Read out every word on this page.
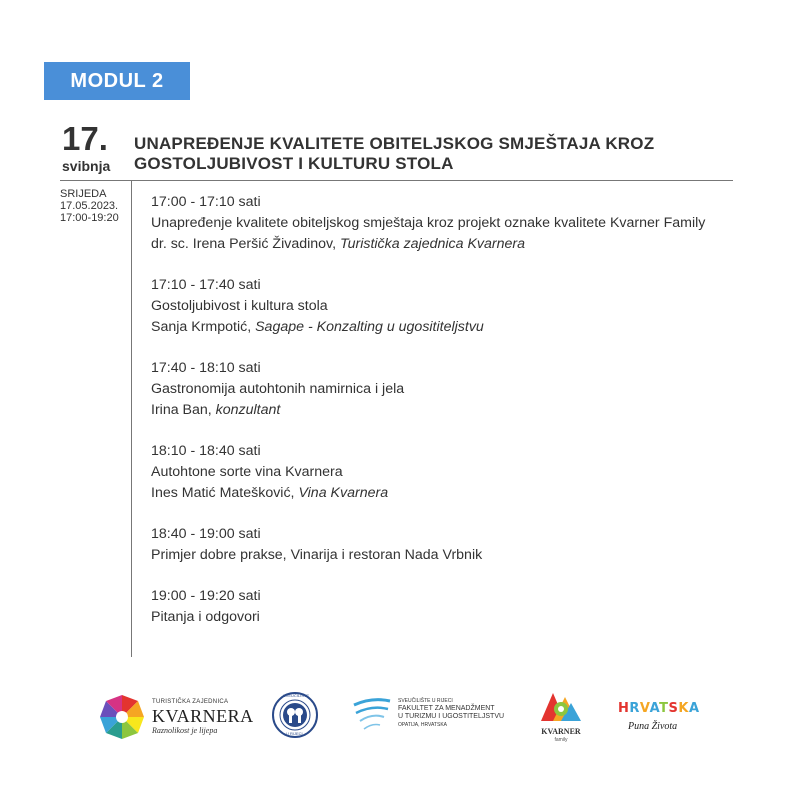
MODUL 2
17.
svibnja
UNAPREĐENJE KVALITETE OBITELJSKOG SMJEŠTAJA KROZ
GOSTOLJUBIVOST I KULTURU STOLA
SRIJEDA
17.05.2023.
17:00-19:20
17:00 - 17:10 sati
Unapređenje kvalitete obiteljskog smještaja kroz projekt oznake kvalitete Kvarner Family
dr. sc. Irena Peršić Živadinov, Turistička zajednica Kvarnera
17:10 - 17:40 sati
Gostoljubivost i kultura stola
Sanja Krmpotić, Sagape - Konzalting u ugosititeljstvu
17:40 - 18:10 sati
Gastronomija autohtonih namirnica i jela
Irina Ban, konzultant
18:10 - 18:40 sati
Autohtone sorte vina Kvarnera
Ines Matić Matešković, Vina Kvarnera
18:40 - 19:00 sati
Primjer dobre prakse, Vinarija i restoran Nada Vrbnik
19:00 - 19:20 sati
Pitanja i odgovori
TURISTIČKA ZAJEDNICA
KVARNERA
Raznolikost je lijepa
SVEUČILIŠTE
U RIJECI
SVEUČILIŠTE U RIJECI
FAKULTET ZA MENADŽMENT
U TURIZMU I UGOSTITELJSTVU
OPATIJA, HRVATSKA
KVARNER
family
HRVATSKA
Puna Života
